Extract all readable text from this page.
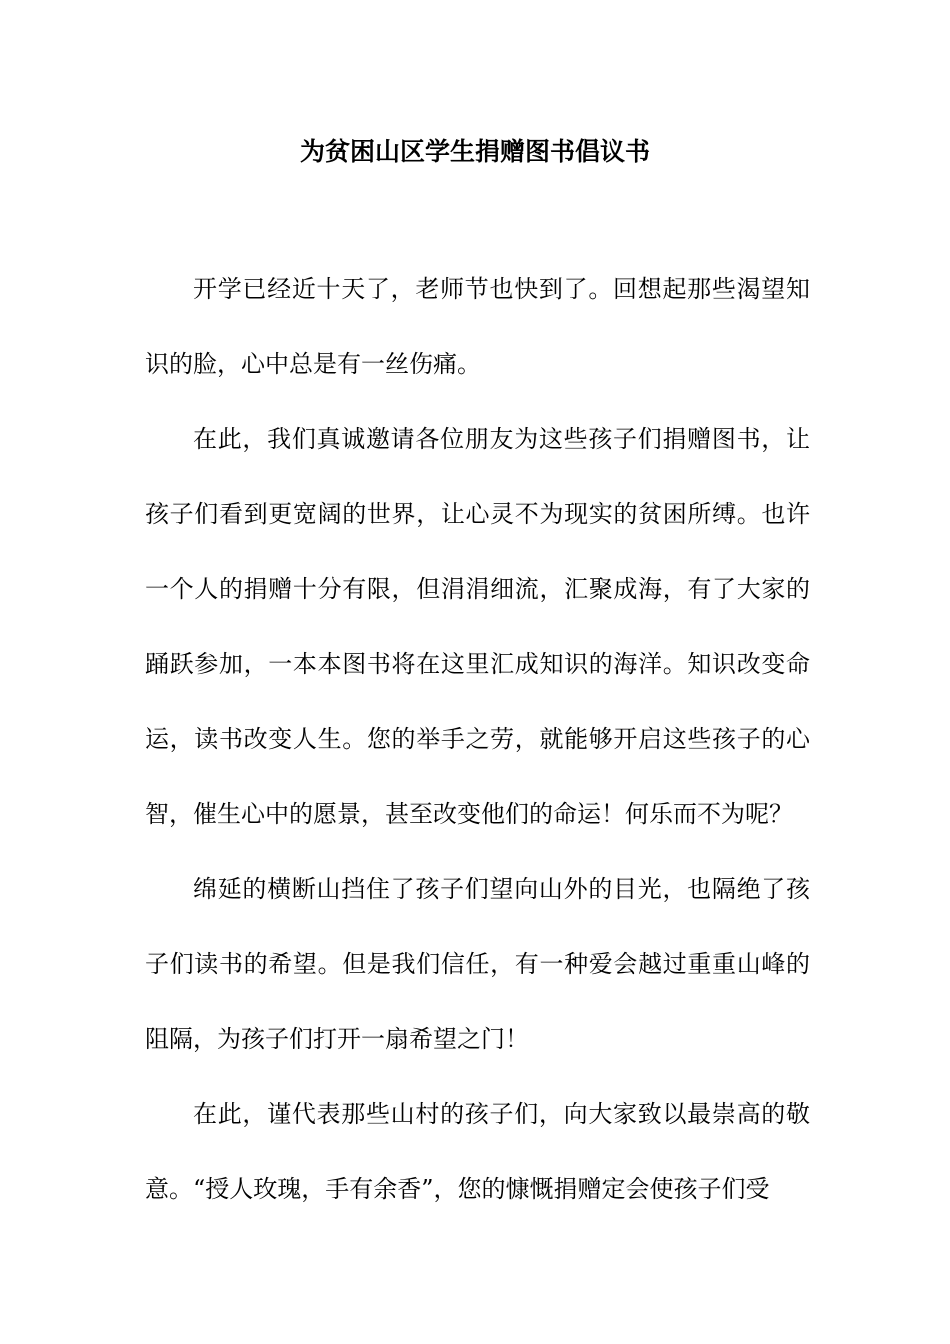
为贫困山区学生捐赠图书倡议书

开学已经近十天了，老师节也快到了。回想起那些渴望知识的脸，心中总是有一丝伤痛。

在此，我们真诚邀请各位朋友为这些孩子们捐赠图书，让孩子们看到更宽阔的世界，让心灵不为现实的贫困所缚。也许一个人的捐赠十分有限，但涓涓细流，汇聚成海，有了大家的踊跃参加，一本本图书将在这里汇成知识的海洋。知识改变命运，读书改变人生。您的举手之劳，就能够开启这些孩子的心智，催生心中的愿景，甚至改变他们的命运！何乐而不为呢？

绵延的横断山挡住了孩子们望向山外的目光，也隔绝了孩子们读书的希望。但是我们信任，有一种爱会越过重重山峰的阻隔，为孩子们打开一扇希望之门！

在此，谨代表那些山村的孩子们，向大家致以最崇高的敬意。“授人玫瑰，手有余香”，您的慷慨捐赠定会使孩子们受
